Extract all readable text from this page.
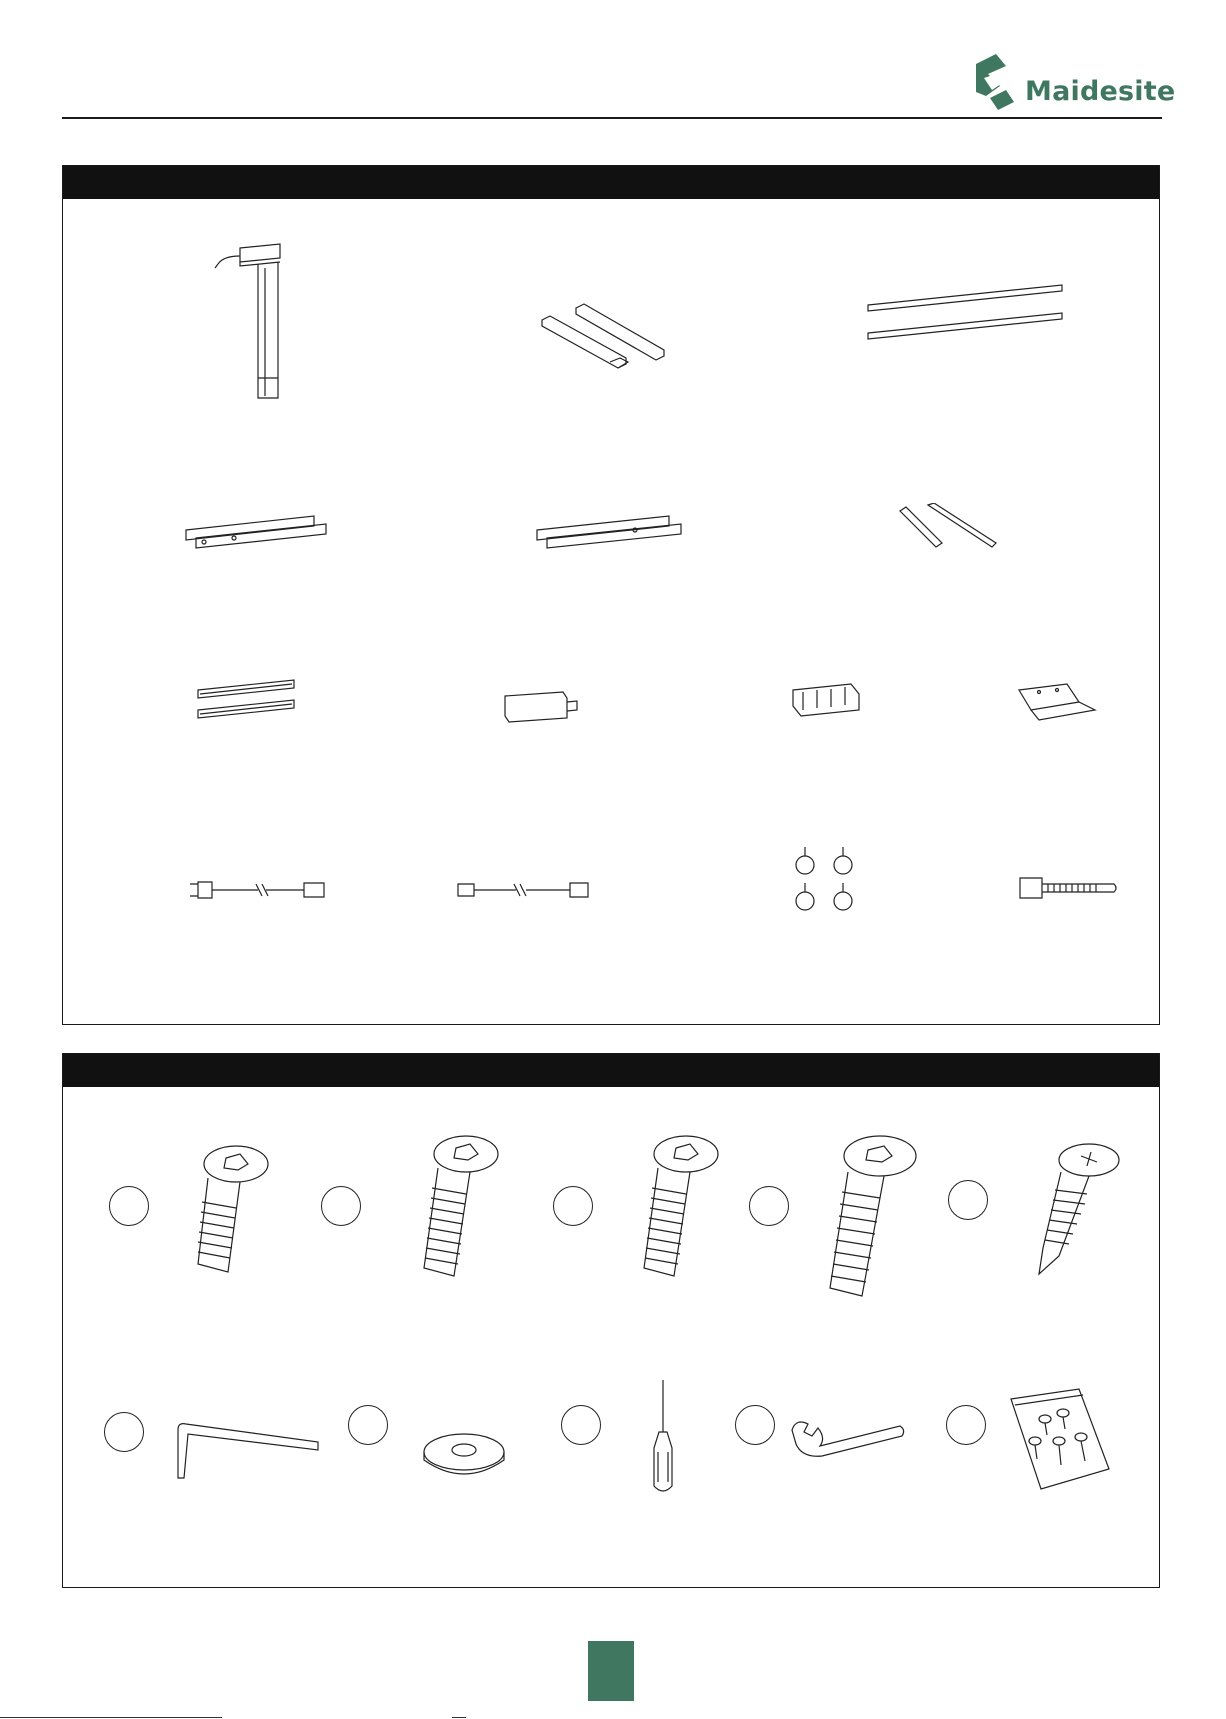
Maidesite
